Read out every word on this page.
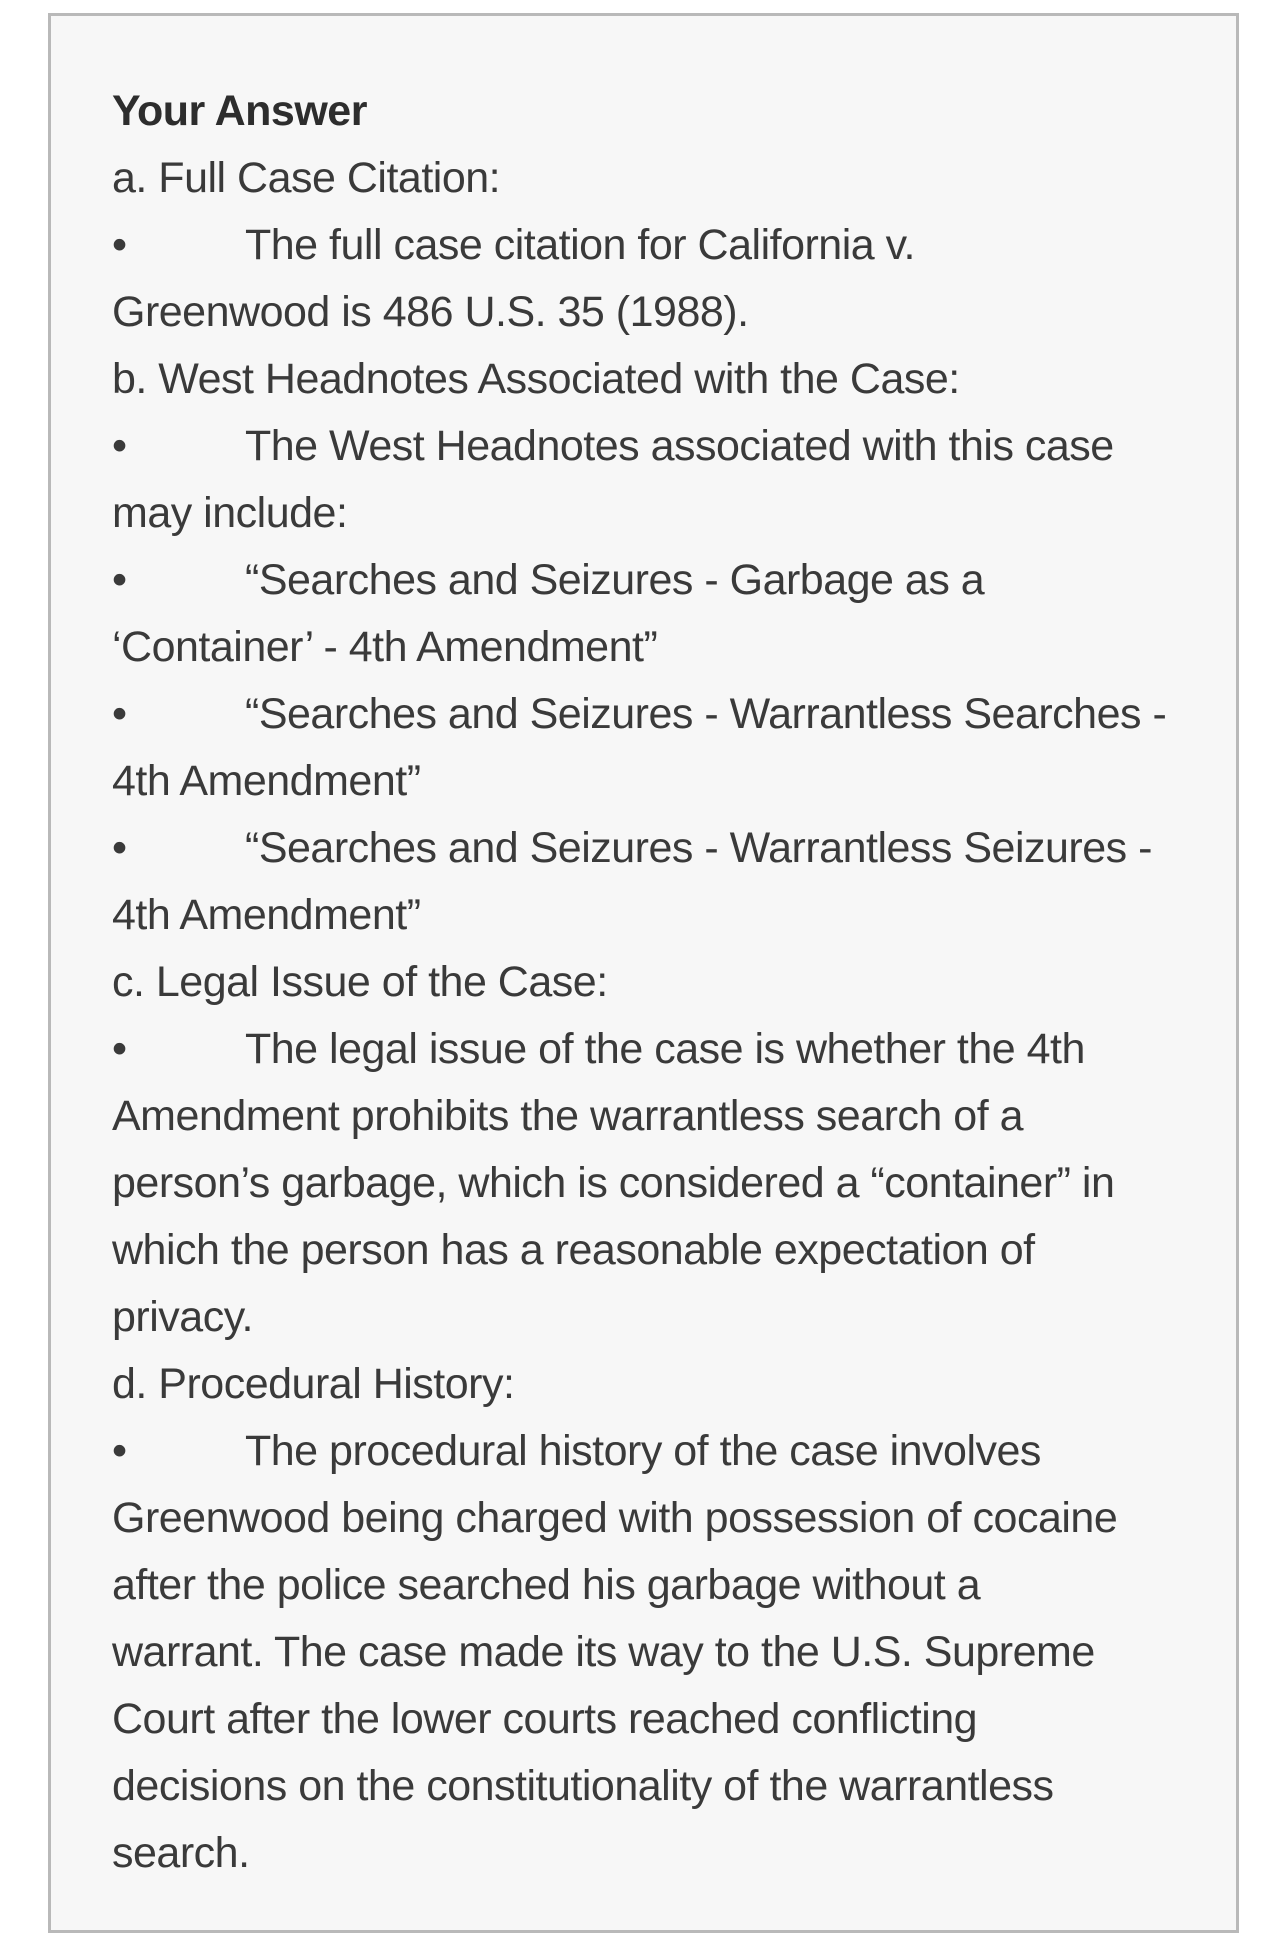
Your Answer
a. Full Case Citation:
•	The full case citation for California v.
Greenwood is 486 U.S. 35 (1988).
b. West Headnotes Associated with the Case:
•	The West Headnotes associated with this case
may include:
•	“Searches and Seizures - Garbage as a
‘Container’ - 4th Amendment”
•	“Searches and Seizures - Warrantless Searches -
4th Amendment”
•	“Searches and Seizures - Warrantless Seizures -
4th Amendment”
c. Legal Issue of the Case:
•	The legal issue of the case is whether the 4th
Amendment prohibits the warrantless search of a
person’s garbage, which is considered a “container” in
which the person has a reasonable expectation of
privacy.
d. Procedural History:
•	The procedural history of the case involves
Greenwood being charged with possession of cocaine
after the police searched his garbage without a
warrant. The case made its way to the U.S. Supreme
Court after the lower courts reached conflicting
decisions on the constitutionality of the warrantless
search.
